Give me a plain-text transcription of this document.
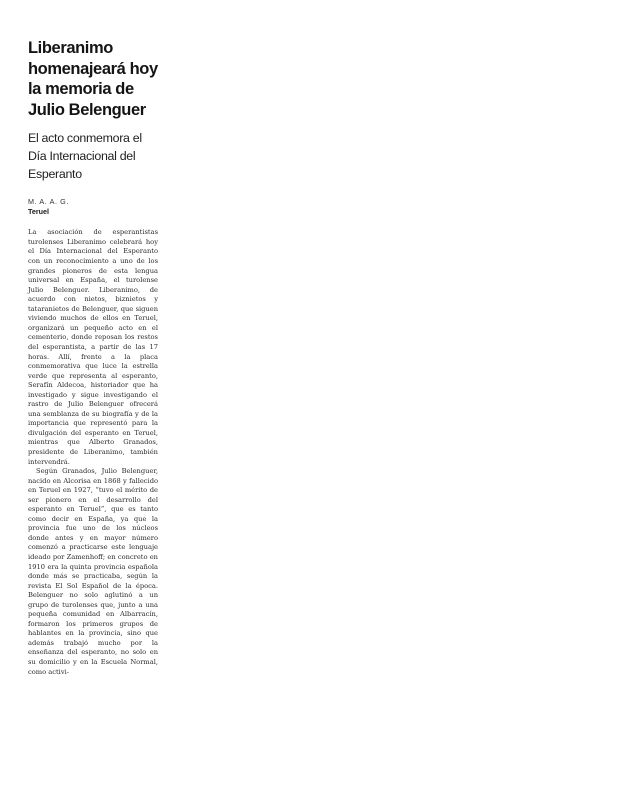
Liberanimo homenajeará hoy la memoria de Julio Belenguer
El acto conmemora el Día Internacional del Esperanto
M. A. A. G.
Teruel

La asociación de esperantistas turolenses Liberanimo celebrará hoy el Día Internacional del Esperanto con un reconocimiento a uno de los grandes pioneros de esta lengua universal en España, el turolense Julio Belenguer. Liberanimo, de acuerdo con nietos, biznietos y tataranietos de Belenguer, que siguen viviendo muchos de ellos en Teruel, organizará un pequeño acto en el cementerio, donde reposan los restos del esperantista, a partir de las 17 horas. Allí, frente a la placa conmemorativa que luce la estrella verde que representa al esperanto, Serafín Aldecoa, historiador que ha investigado y sigue investigando el rastro de Julio Belenguer ofrecerá una semblanza de su biografía y de la importancia que representó para la divulgación del esperanto en Teruel, mientras que Alberto Granados, presidente de Liberanimo, también intervendrá.

Según Granados, Julio Belenguer, nacido en Alcorisa en 1868 y fallecido en Teruel en 1927, “tuvo el mérito de ser pionero en el desarrollo del esperanto en Teruel”, que es tanto como decir en España, ya que la provincia fue uno de los núcleos donde antes y en mayor número comenzó a practicarse este lenguaje ideado por Zamenhoff; en concreto en 1910 era la quinta provincia española donde más se practicaba, según la revista El Sol Español de la época. Belenguer no solo aglutinó a un grupo de turolenses que, junto a una pequeña comunidad en Albarracín, formaron los primeros grupos de hablantes en la provincia, sino que además trabajó mucho por la enseñanza del esperanto, no solo en su domicilio y en la Escuela Normal, como activi-
